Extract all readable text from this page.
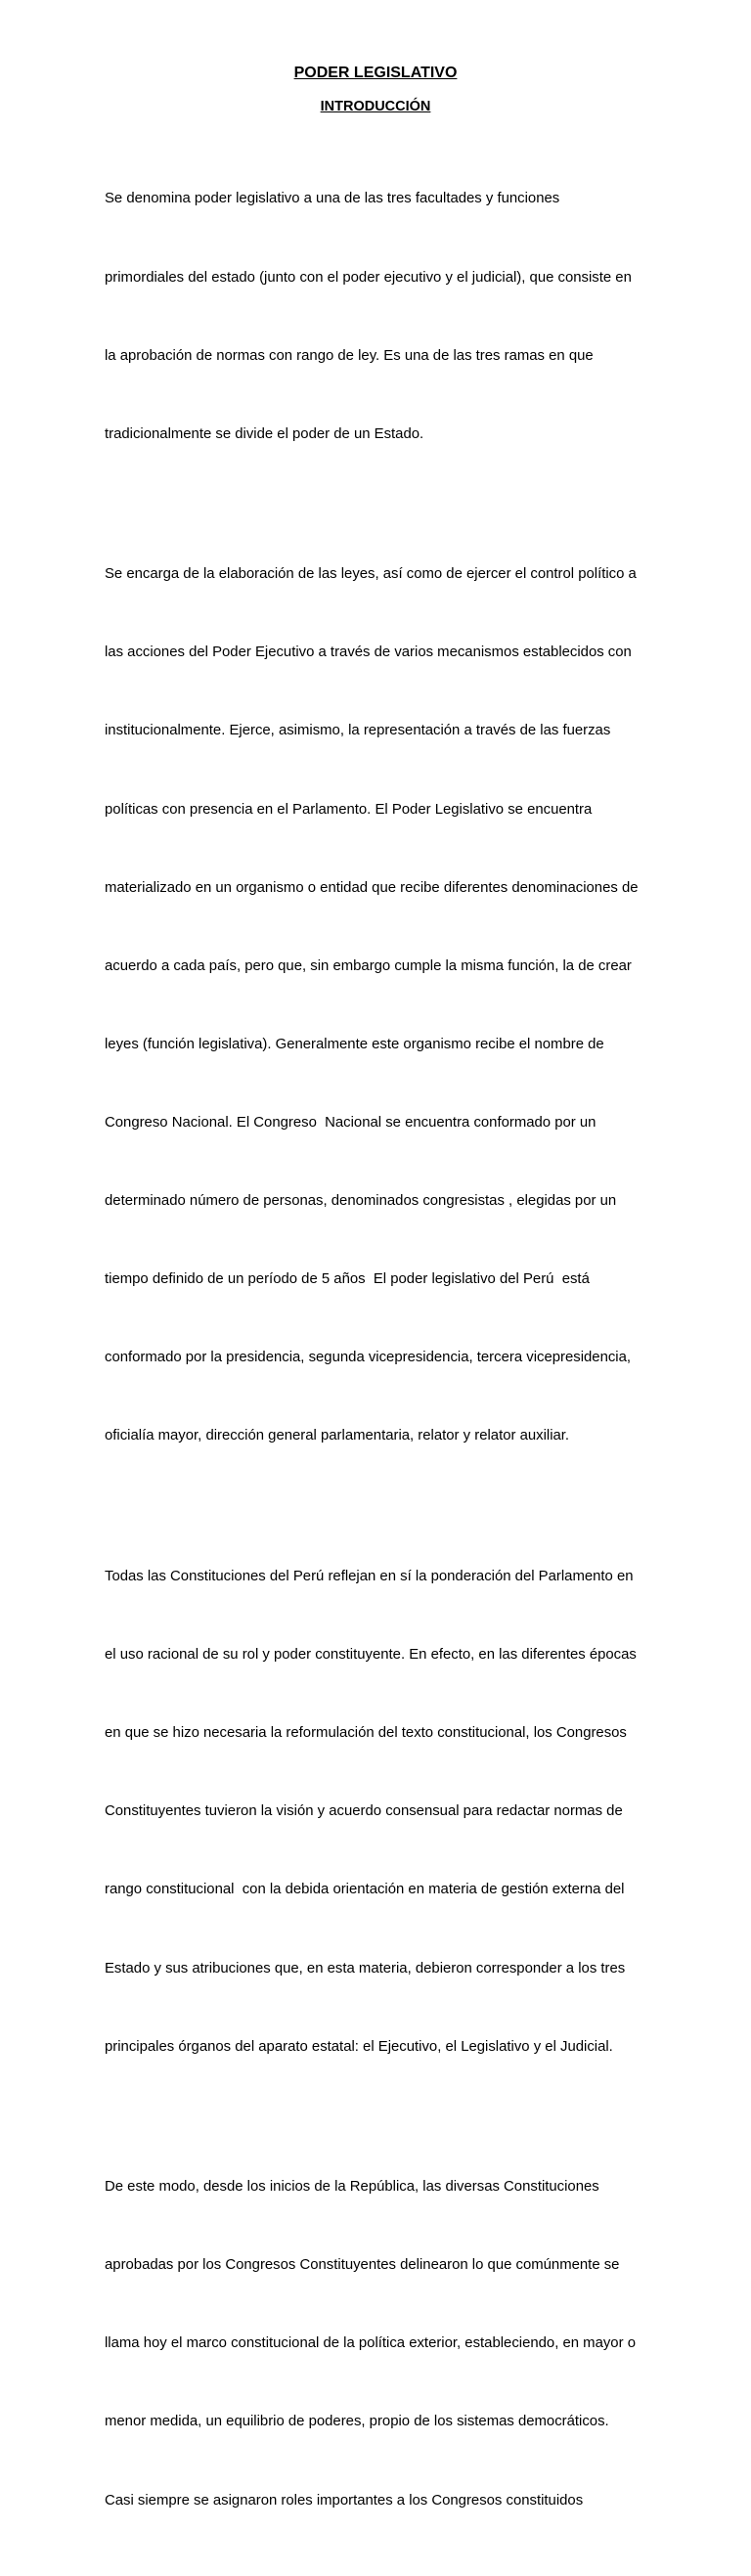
PODER LEGISLATIVO
INTRODUCCIÓN

Se denomina poder legislativo a una de las tres facultades y funciones

primordiales del estado (junto con el poder ejecutivo y el judicial), que consiste en

la aprobación de normas con rango de ley. Es una de las tres ramas en que

tradicionalmente se divide el poder de un Estado.

Se encarga de la elaboración de las leyes, así como de ejercer el control político a

las acciones del Poder Ejecutivo a través de varios mecanismos establecidos con

institucionalmente. Ejerce, asimismo, la representación a través de las fuerzas

políticas con presencia en el Parlamento. El Poder Legislativo se encuentra

materializado en un organismo o entidad que recibe diferentes denominaciones de

acuerdo a cada país, pero que, sin embargo cumple la misma función, la de crear

leyes (función legislativa). Generalmente este organismo recibe el nombre de

Congreso Nacional. El Congreso  Nacional se encuentra conformado por un

determinado número de personas, denominados congresistas , elegidas por un

tiempo definido de un período de 5 años  El poder legislativo del Perú  está

conformado por la presidencia, segunda vicepresidencia, tercera vicepresidencia,

oficialía mayor, dirección general parlamentaria, relator y relator auxiliar.

Todas las Constituciones del Perú reflejan en sí la ponderación del Parlamento en

el uso racional de su rol y poder constituyente. En efecto, en las diferentes épocas

en que se hizo necesaria la reformulación del texto constitucional, los Congresos

Constituyentes tuvieron la visión y acuerdo consensual para redactar normas de

rango constitucional  con la debida orientación en materia de gestión externa del

Estado y sus atribuciones que, en esta materia, debieron corresponder a los tres

principales órganos del aparato estatal: el Ejecutivo, el Legislativo y el Judicial.

De este modo, desde los inicios de la República, las diversas Constituciones

aprobadas por los Congresos Constituyentes delinearon lo que comúnmente se

llama hoy el marco constitucional de la política exterior, estableciendo, en mayor o

menor medida, un equilibrio de poderes, propio de los sistemas democráticos.

Casi siempre se asignaron roles importantes a los Congresos constituidos
